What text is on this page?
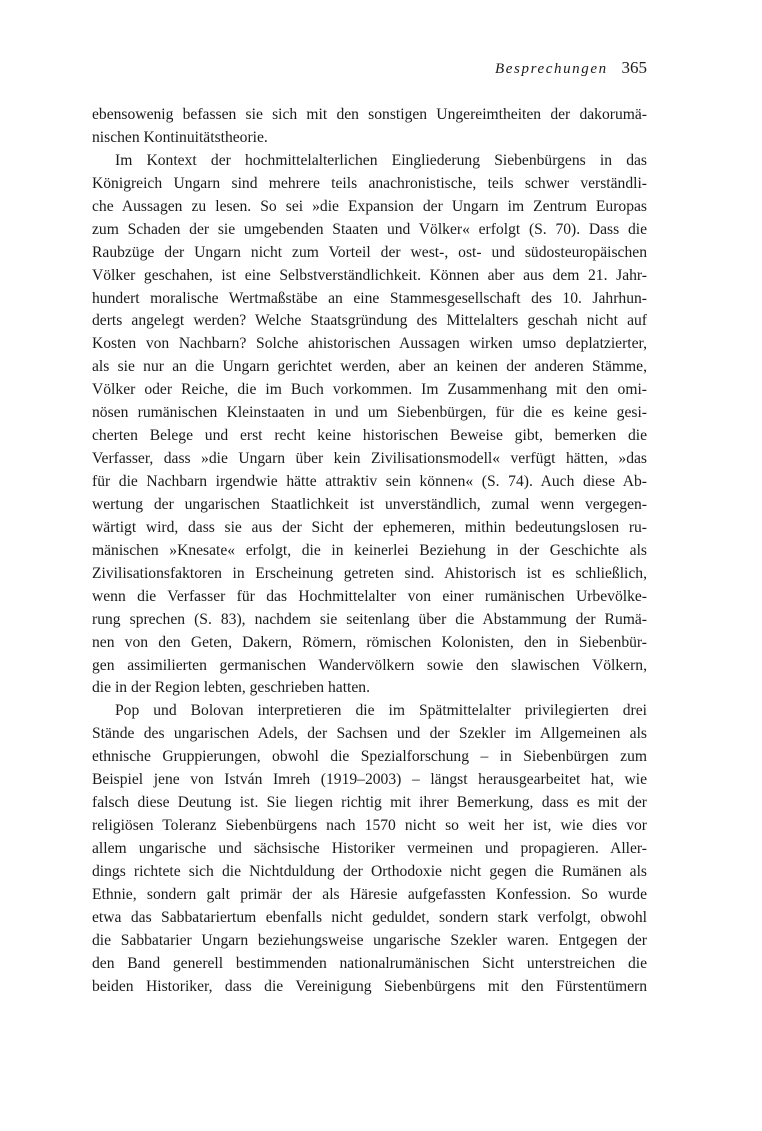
Besprechungen 365
ebensowenig befassen sie sich mit den sonstigen Ungereimtheiten der dakorumä-
nischen Kontinuitätstheorie.
Im Kontext der hochmittelalterlichen Eingliederung Siebenbürgens in das
Königreich Ungarn sind mehrere teils anachronistische, teils schwer verständli-
che Aussagen zu lesen. So sei »die Expansion der Ungarn im Zentrum Europas
zum Schaden der sie umgebenden Staaten und Völker« erfolgt (S. 70). Dass die
Raubzüge der Ungarn nicht zum Vorteil der west-, ost- und südosteuropäischen
Völker geschahen, ist eine Selbstverständlichkeit. Können aber aus dem 21. Jahr-
hundert moralische Wertmaßstäbe an eine Stammesgesellschaft des 10. Jahrhun-
derts angelegt werden? Welche Staatsgründung des Mittelalters geschah nicht auf
Kosten von Nachbarn? Solche ahistorischen Aussagen wirken umso deplatzierter,
als sie nur an die Ungarn gerichtet werden, aber an keinen der anderen Stämme,
Völker oder Reiche, die im Buch vorkommen. Im Zusammenhang mit den omi-
nösen rumänischen Kleinstaaten in und um Siebenbürgen, für die es keine gesi-
cherten Belege und erst recht keine historischen Beweise gibt, bemerken die
Verfasser, dass »die Ungarn über kein Zivilisationsmodell« verfügt hätten, »das
für die Nachbarn irgendwie hätte attraktiv sein können« (S. 74). Auch diese Ab-
wertung der ungarischen Staatlichkeit ist unverständlich, zumal wenn vergegen-
wärtigt wird, dass sie aus der Sicht der ephemeren, mithin bedeutungslosen ru-
mänischen »Knesate« erfolgt, die in keinerlei Beziehung in der Geschichte als
Zivilisationsfaktoren in Erscheinung getreten sind. Ahistorisch ist es schließlich,
wenn die Verfasser für das Hochmittelalter von einer rumänischen Urbevölke-
rung sprechen (S. 83), nachdem sie seitenlang über die Abstammung der Rumä-
nen von den Geten, Dakern, Römern, römischen Kolonisten, den in Siebenbür-
gen assimilierten germanischen Wandervölkern sowie den slawischen Völkern,
die in der Region lebten, geschrieben hatten.
Pop und Bolovan interpretieren die im Spätmittelalter privilegierten drei
Stände des ungarischen Adels, der Sachsen und der Szekler im Allgemeinen als
ethnische Gruppierungen, obwohl die Spezialforschung – in Siebenbürgen zum
Beispiel jene von István Imreh (1919–2003) – längst herausgearbeitet hat, wie
falsch diese Deutung ist. Sie liegen richtig mit ihrer Bemerkung, dass es mit der
religiösen Toleranz Siebenbürgens nach 1570 nicht so weit her ist, wie dies vor
allem ungarische und sächsische Historiker vermeinen und propagieren. Aller-
dings richtete sich die Nichtduldung der Orthodoxie nicht gegen die Rumänen als
Ethnie, sondern galt primär der als Häresie aufgefassten Konfession. So wurde
etwa das Sabbatariertum ebenfalls nicht geduldet, sondern stark verfolgt, obwohl
die Sabbatarier Ungarn beziehungsweise ungarische Szekler waren. Entgegen der
den Band generell bestimmenden nationalrumänischen Sicht unterstreichen die
beiden Historiker, dass die Vereinigung Siebenbürgens mit den Fürstentümern
